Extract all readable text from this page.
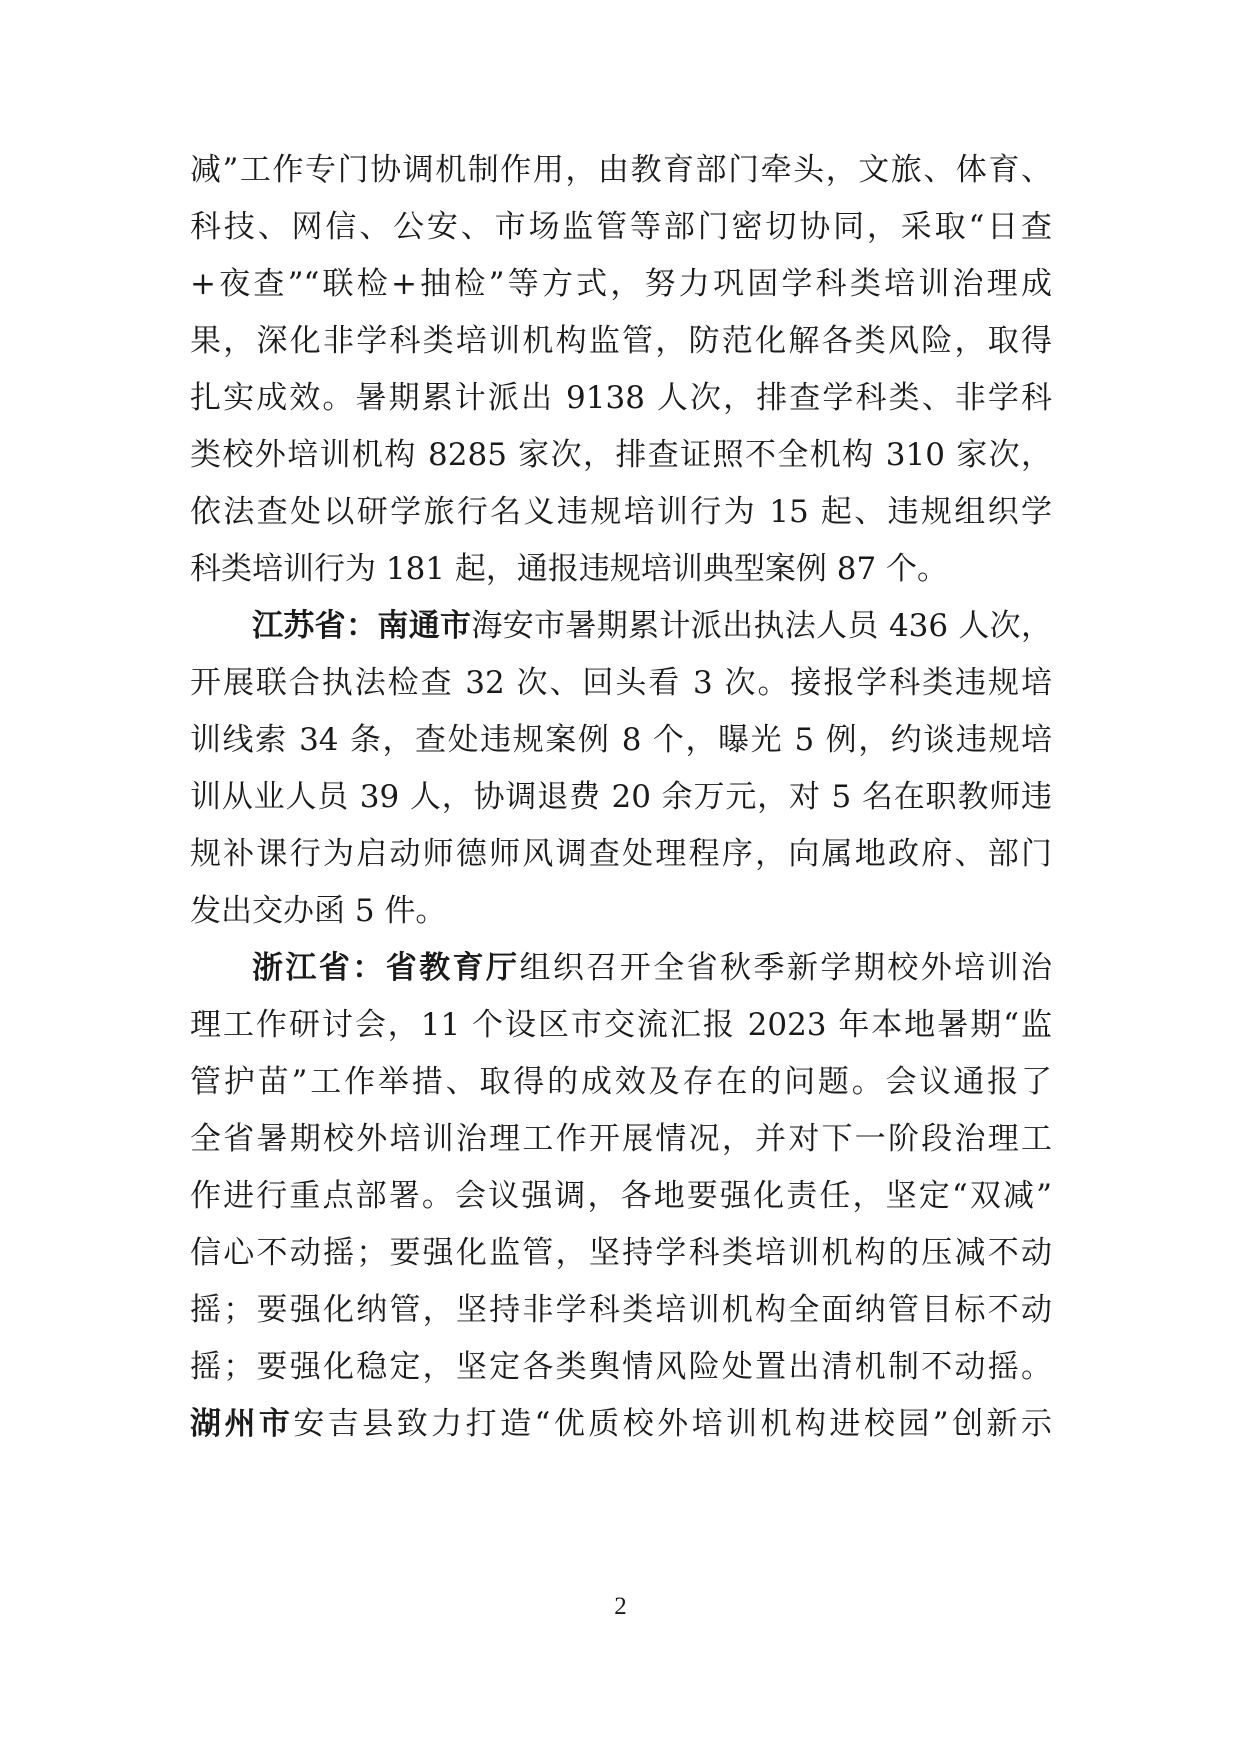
减”工作专门协调机制作用，由教育部门牵头，文旅、体育、
科技、网信、公安、市场监管等部门密切协同，采取“日查
+夜查”“联检+抽检”等方式，努力巩固学科类培训治理成
果，深化非学科类培训机构监管，防范化解各类风险，取得
扎实成效。暑期累计派出 9138 人次，排查学科类、非学科
类校外培训机构 8285 家次，排查证照不全机构 310 家次，
依法查处以研学旅行名义违规培训行为 15 起、违规组织学
科类培训行为 181 起，通报违规培训典型案例 87 个。
江苏省：南通市海安市暑期累计派出执法人员 436 人次，
开展联合执法检查 32 次、回头看 3 次。接报学科类违规培
训线索 34 条，查处违规案例 8 个，曝光 5 例，约谈违规培
训从业人员 39 人，协调退费 20 余万元，对 5 名在职教师违
规补课行为启动师德师风调查处理程序，向属地政府、部门
发出交办函 5 件。
浙江省：省教育厅组织召开全省秋季新学期校外培训治
理工作研讨会，11 个设区市交流汇报 2023 年本地暑期“监
管护苗”工作举措、取得的成效及存在的问题。会议通报了
全省暑期校外培训治理工作开展情况，并对下一阶段治理工
作进行重点部署。会议强调，各地要强化责任，坚定“双减”
信心不动摇；要强化监管，坚持学科类培训机构的压减不动
摇；要强化纳管，坚持非学科类培训机构全面纳管目标不动
摇；要强化稳定，坚定各类舆情风险处置出清机制不动摇。
湖州市安吉县致力打造“优质校外培训机构进校园”创新示
2
